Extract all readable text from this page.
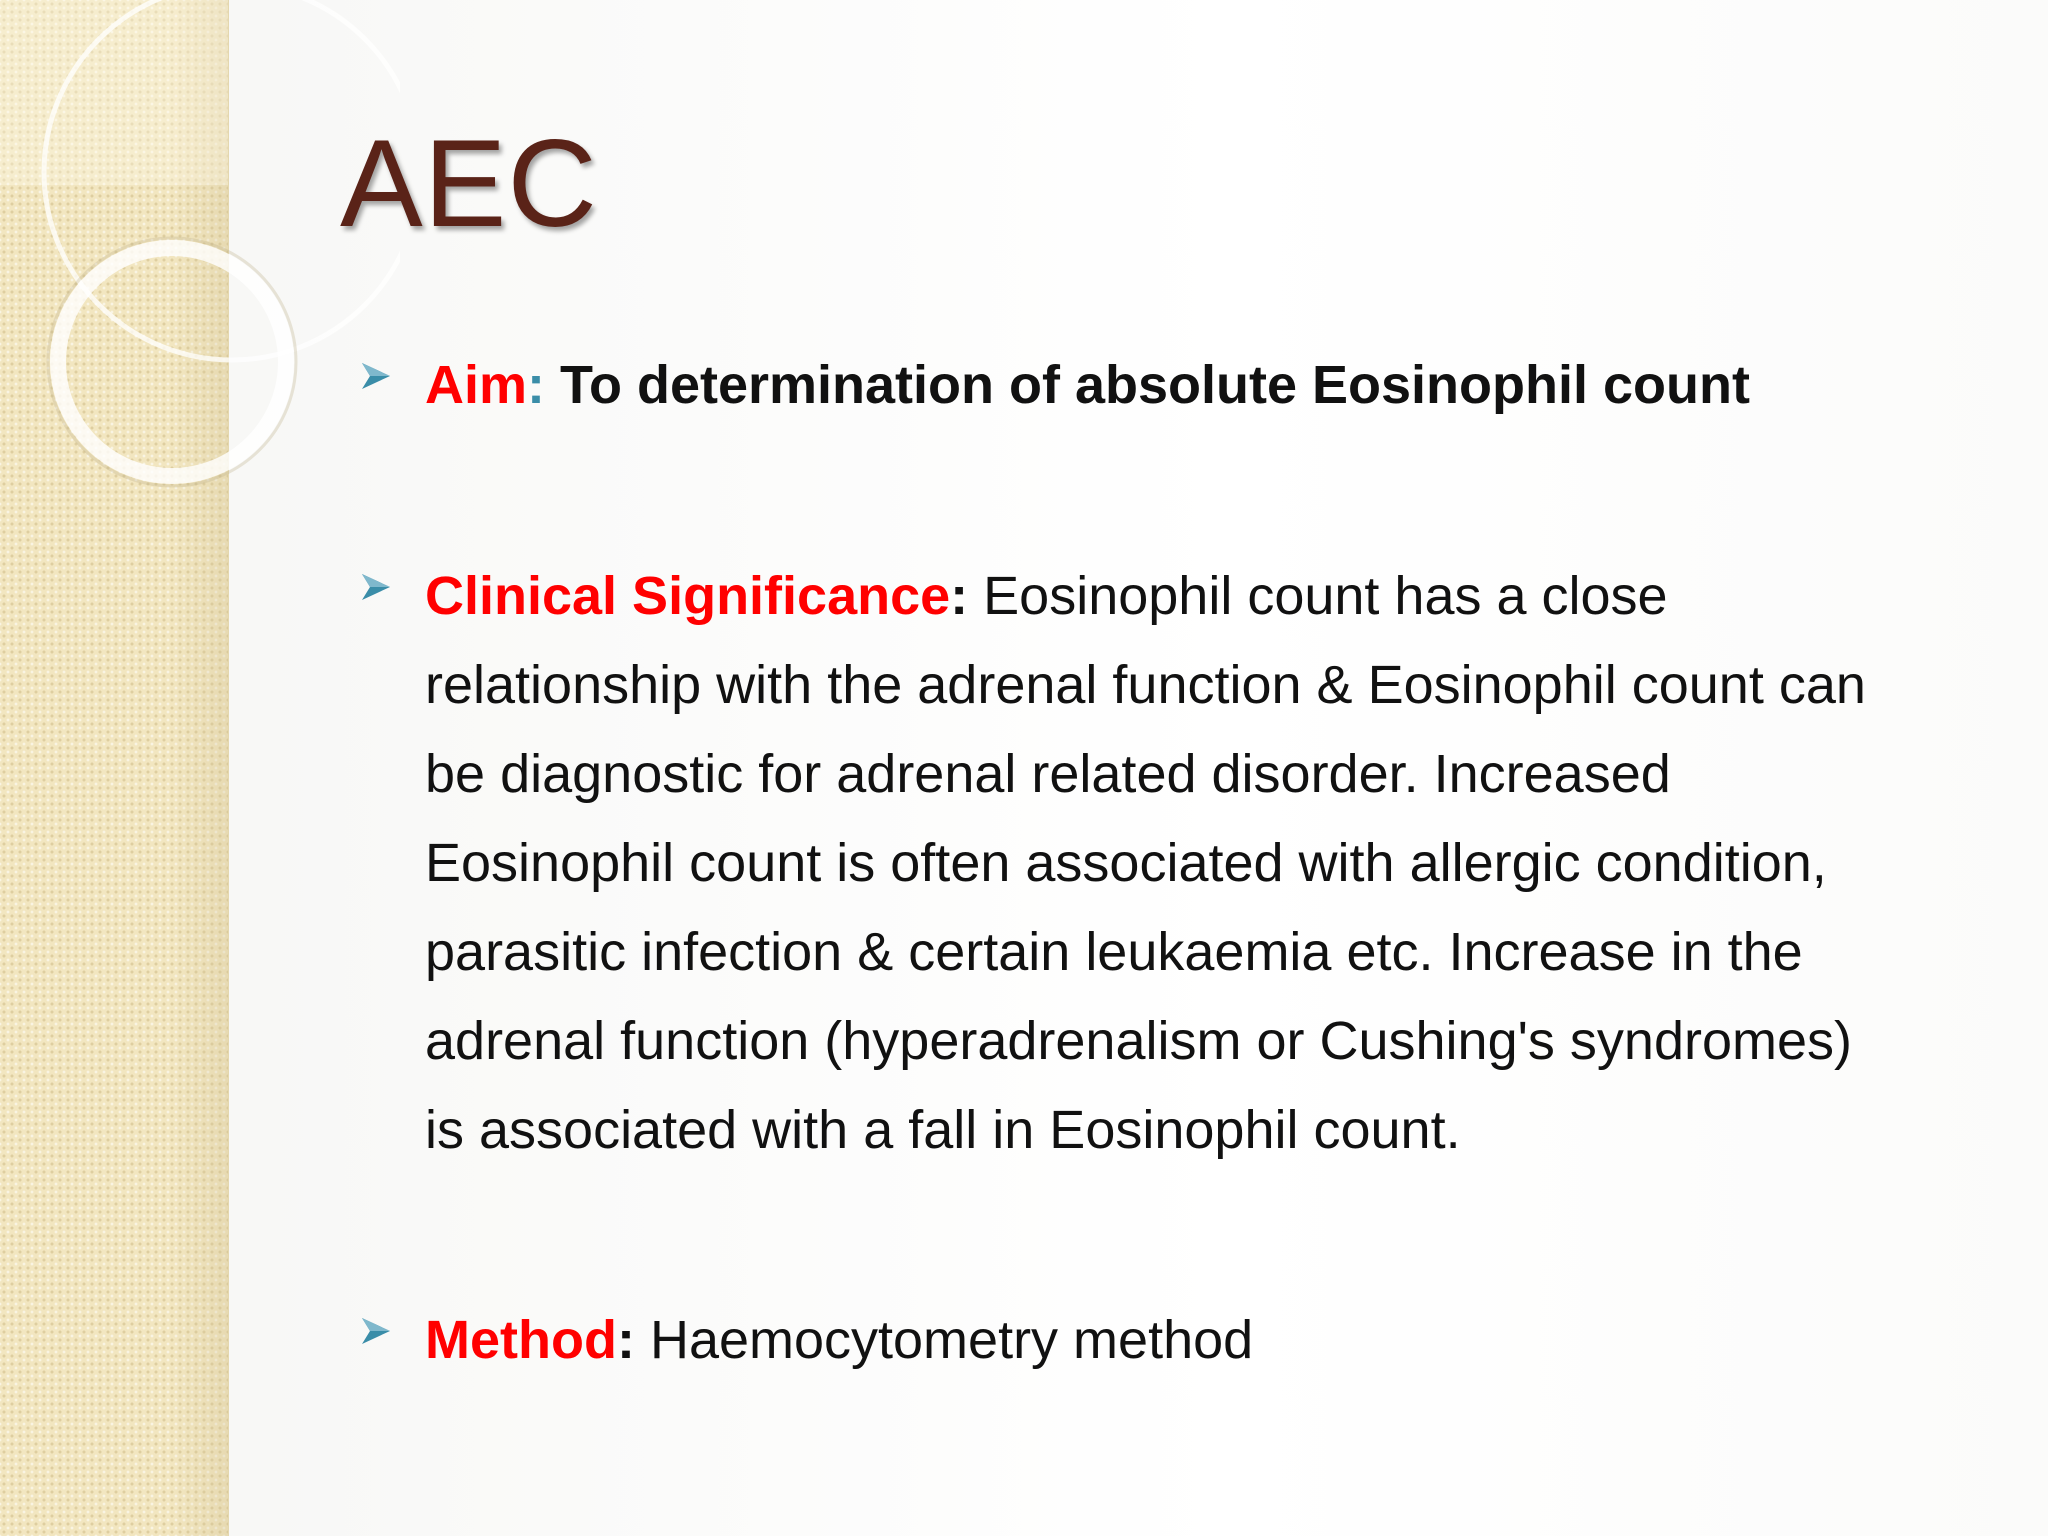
AEC
Aim: To determination of absolute Eosinophil count
Clinical Significance: Eosinophil count has a close
relationship with the adrenal function & Eosinophil count can
be diagnostic for adrenal related disorder. Increased
Eosinophil count is often associated with allergic condition,
parasitic infection & certain leukaemia etc. Increase in the
adrenal function (hyperadrenalism or Cushing's syndromes)
is associated with a fall in Eosinophil count.
Method: Haemocytometry method
